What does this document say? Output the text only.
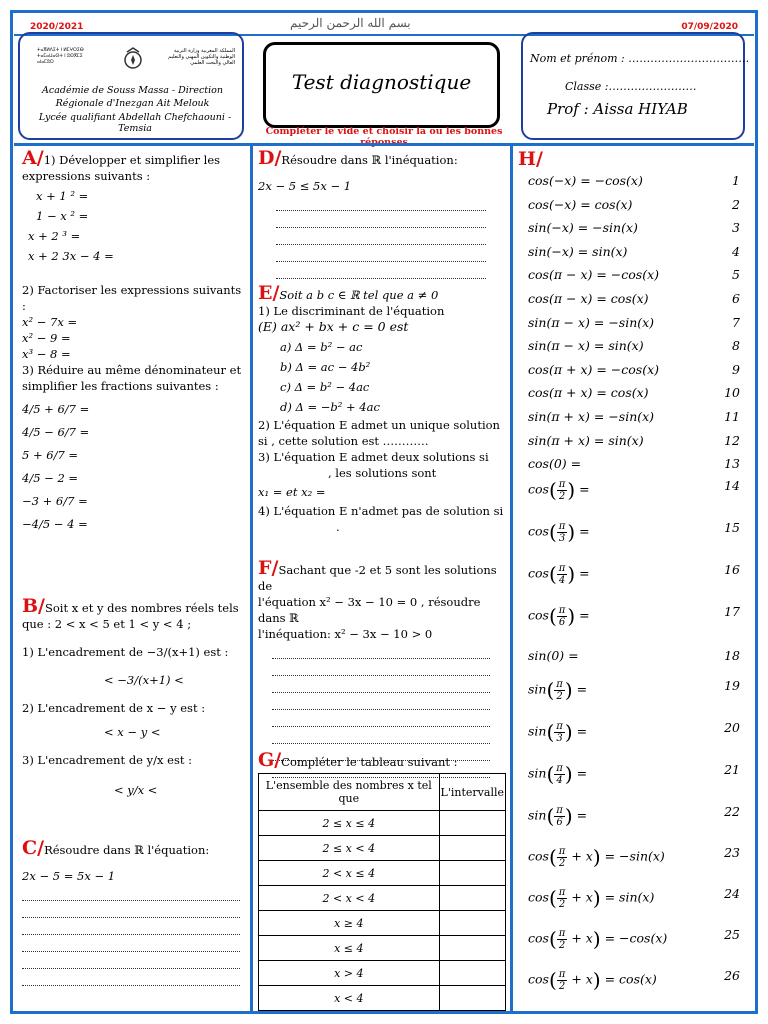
2020/2021	بسم الله الرحمن الرحيم	07/09/2020
ⵜⴰⴳⵍⴷⵉⵜ ⵏ ⵍⵎⵖⵔⵉⴱ ⵜⴰⵎⴰⵡⴰⵙⵜ ⵏ ⵓⵙⴳⵎⵉ ⴰⵏⴰⵎⵓⵔ
المملكة المغربية وزارة التربية الوطنية والتكوين المهني والتعليم العالي والبحث العلمي
Académie de Souss Massa - Direction Régionale d'Inezgan Ait Melouk
Lycée qualifiant Abdellah Chefchaouni - Temsia
Test diagnostique
Compléter le vide et choisir la ou les bonnes réponses
Nom et prénom : ……………………………
Classe :……………………
Prof : Aissa HIYAB
A/1) Développer et simplifier les expressions suivants :
x + 1 ² =
1 − x ² =
x + 2 ³ =
x + 2 3x − 4 =
2) Factoriser les expressions suivants :
x² − 7x =
x² − 9 =
x³ − 8 =
3) Réduire au même dénominateur et simplifier les fractions suivantes :
4/5 + 6/7 =
4/5 − 6/7 =
5 + 6/7 =
4/5 − 2 =
−3 + 6/7 =
−4/5 − 4 =
B/Soit x et y des nombres réels tels que : 2 < x < 5 et 1 < y < 4 ;
1) L'encadrement de −3/(x+1) est :
< −3/(x+1) <
2) L'encadrement de x − y est :
< x − y <
3) L'encadrement de y/x est :
< y/x <
C/Résoudre dans ℝ l'équation:
2x − 5 = 5x − 1
D/Résoudre dans ℝ l'inéquation:
2x − 5 ≤ 5x − 1
E/Soit a b c ∈ ℝ tel que a ≠ 0
1) Le discriminant de l'équation
(E) ax² + bx + c = 0 est
a) Δ = b² − ac
b) Δ = ac − 4b²
c) Δ = b² − 4ac
d) Δ = −b² + 4ac
2) L'équation E admet un unique solution
si , cette solution est …………
3) L'équation E admet deux solutions si
, les solutions sont
x₁ = et x₂ =
4) L'équation E n'admet pas de solution si
.
F/Sachant que -2 et 5 sont les solutions de
l'équation x² − 3x − 10 = 0 , résoudre dans ℝ
l'inéquation: x² − 3x − 10 > 0
G/Compléter le tableau suivant :
L'ensemble des nombres x tel que	L'intervalle
2 ≤ x ≤ 4	
2 ≤ x < 4	
2 < x ≤ 4	
2 < x < 4	
x ≥ 4	
x ≤ 4	
x > 4	
x < 4	
H/
cos(−x) = −cos(x)	1
cos(−x) = cos(x)	2
sin(−x) = −sin(x)	3
sin(−x) = sin(x)	4
cos(π − x) = −cos(x)	5
cos(π − x) = cos(x)	6
sin(π − x) = −sin(x)	7
sin(π − x) = sin(x)	8
cos(π + x) = −cos(x)	9
cos(π + x) = cos(x)	10
sin(π + x) = −sin(x)	11
sin(π + x) = sin(x)	12
cos(0) =	13
$\cos( \frac{\pi}{2}$ ) =	14
$\cos( \frac{\pi}{3}$ ) =	15
$\cos( \frac{\pi}{4}$ ) =	16
$\cos( \frac{\pi}{6}$ ) =	17
sin(0) =	18
$\sin( \frac{\pi}{2}$ ) =	19
$\sin( \frac{\pi}{3}$ ) =	20
$\sin( \frac{\pi}{4}$ ) =	21
$\sin( \frac{\pi}{6}$ ) =	22
$\cos( \frac{\pi}{2} + x) = -\sin(x)$	23
$\cos( \frac{\pi}{2} + x) = \sin(x)$	24
$\cos( \frac{\pi}{2} + x) = -\cos(x)$	25
$\cos( \frac{\pi}{2} + x) = \cos(x)$	26
